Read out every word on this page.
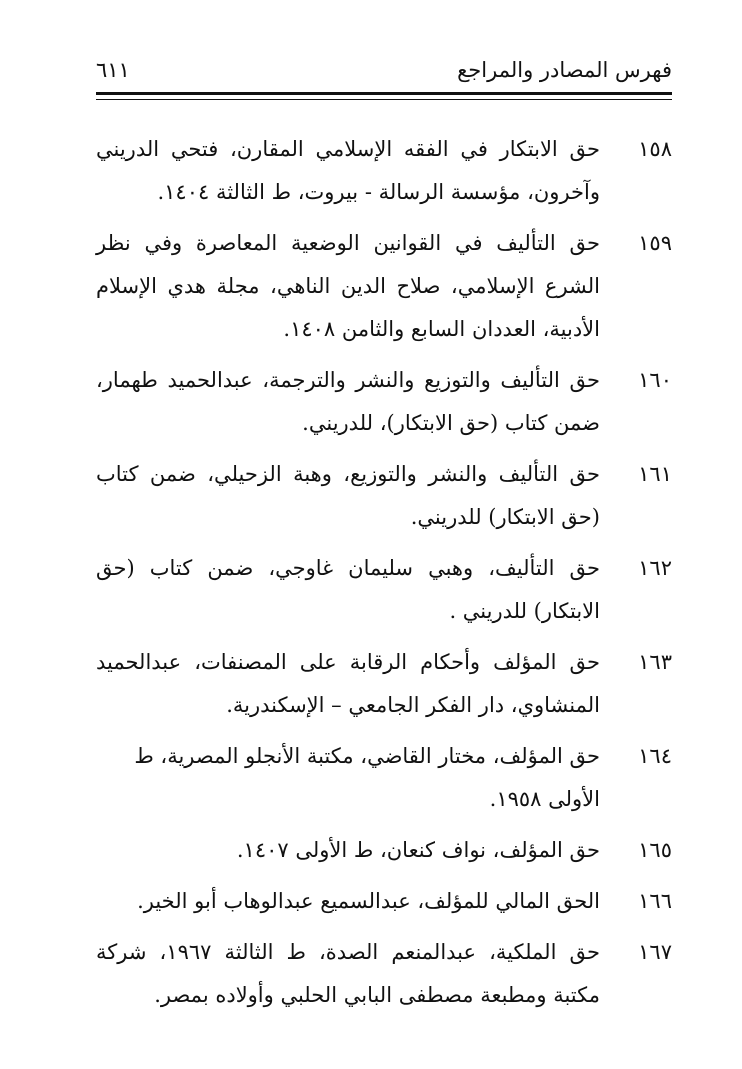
فهرس المصادر والمراجع
٦١١
١٥٨
حق الابتكار في الفقه الإسلامي المقارن، فتحي الدريني وآخرون، مؤسسة الرسالة - بيروت، ط الثالثة ١٤٠٤.
١٥٩
حق التأليف في القوانين الوضعية المعاصرة وفي نظر الشرع الإسلامي، صلاح الدين الناهي، مجلة هدي الإسلام الأدبية، العددان السابع والثامن ١٤٠٨.
١٦٠
حق التأليف والتوزيع والنشر والترجمة، عبدالحميد طهمار، ضمن كتاب (حق الابتكار)، للدريني.
١٦١
حق التأليف والنشر والتوزيع، وهبة الزحيلي، ضمن كتاب (حق الابتكار) للدريني.
١٦٢
حق التأليف، وهبي سليمان غاوجي، ضمن كتاب (حق الابتكار) للدريني .
١٦٣
حق المؤلف وأحكام الرقابة على المصنفات، عبدالحميد المنشاوي، دار الفكر الجامعي – الإسكندرية.
١٦٤
حق المؤلف، مختار القاضي، مكتبة الأنجلو المصرية، ط الأولى ١٩٥٨.
١٦٥
حق المؤلف، نواف كنعان، ط الأولى ١٤٠٧.
١٦٦
الحق المالي للمؤلف، عبدالسميع عبدالوهاب أبو الخير.
١٦٧
حق الملكية، عبدالمنعم الصدة، ط الثالثة ١٩٦٧، شركة مكتبة ومطبعة مصطفى البابي الحلبي وأولاده بمصر.
